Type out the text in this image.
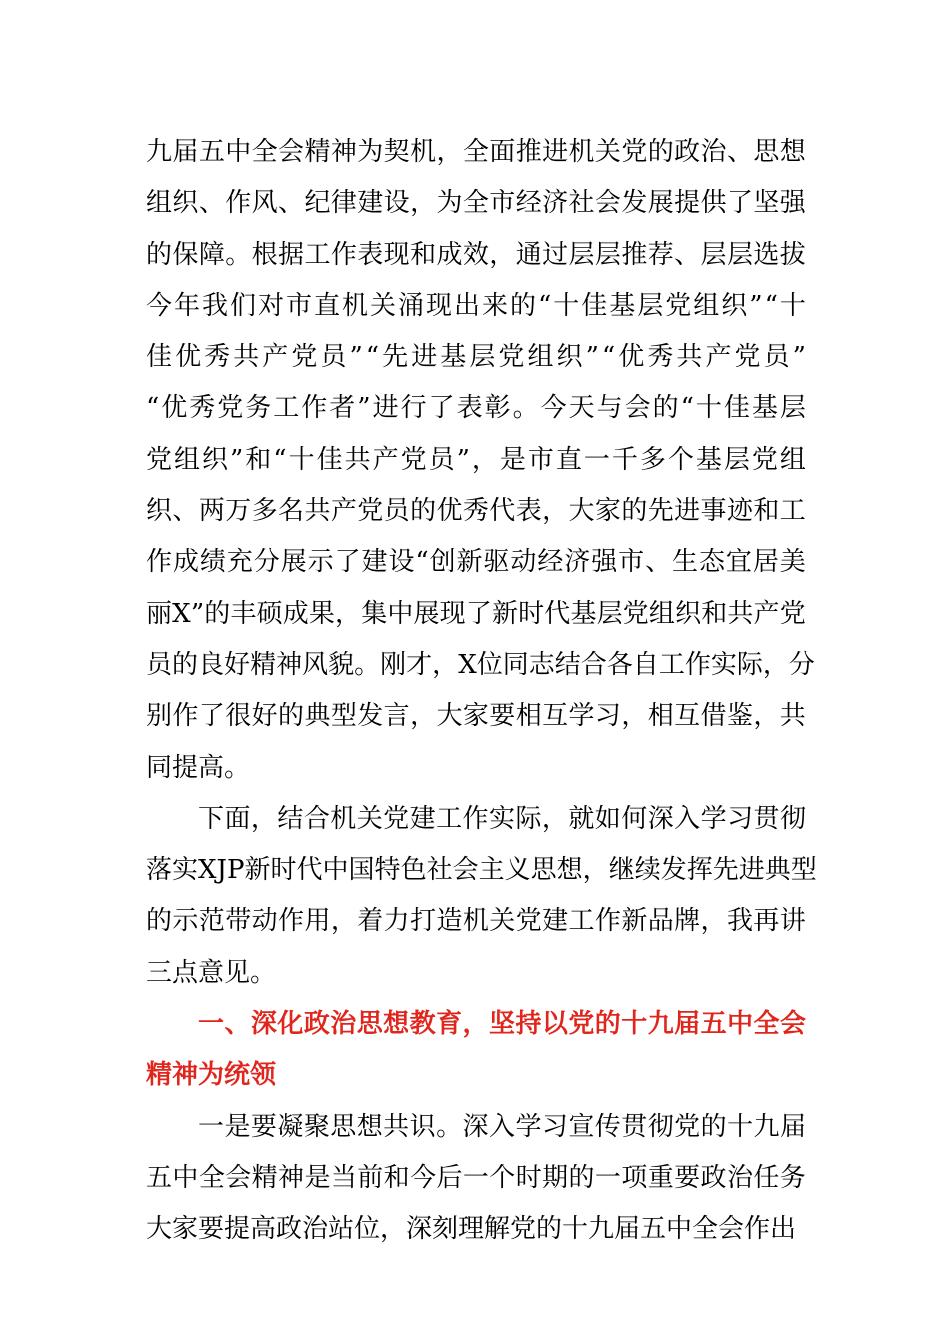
九 届 五 中 全 会 精 神 为 契 机 ， 全 面 推 进 机 关 党 的 政 治 、 思 想
组 织 、 作 风 、 纪 律 建 设 ， 为 全 市 经 济 社 会 发 展 提 供 了 坚 强
的 保 障 。 根 据 工 作 表 现 和 成 效 ， 通 过 层 层 推 荐 、 层 层 选 拔
今 年 我 们 对 市 直 机 关 涌 现 出 来 的 “ 十 佳 基 层 党 组 织 ” “ 十
佳 优 秀 共 产 党 员 ” “ 先 进 基 层 党 组 织 ” “ 优 秀 共 产 党 员 ”
“ 优 秀 党 务 工 作 者 ” 进 行 了 表 彰 。 今 天 与 会 的 “ 十 佳 基 层
党 组 织 ” 和 “ 十 佳 共 产 党 员 ” ， 是 市 直 一 千 多 个 基 层 党 组
织 、 两 万 多 名 共 产 党 员 的 优 秀 代 表 ， 大 家 的 先 进 事 迹 和 工
作 成 绩 充 分 展 示 了 建 设 “ 创 新 驱 动 经 济 强 市 、 生 态 宜 居 美
丽 X ” 的 丰 硕 成 果 ， 集 中 展 现 了 新 时 代 基 层 党 组 织 和 共 产 党
员 的 良 好 精 神 风 貌 。 刚 才 ， X 位 同 志 结 合 各 自 工 作 实 际 ， 分
别 作 了 很 好 的 典 型 发 言 ， 大 家 要 相 互 学 习 ， 相 互 借 鉴 ， 共
同提高。
下 面 ， 结 合 机 关 党 建 工 作 实 际 ， 就 如 何 深 入 学 习 贯 彻
落 实 XJP 新 时 代 中 国 特 色 社 会 主 义 思 想 ， 继 续 发 挥 先 进 典 型
的 示 范 带 动 作 用 ， 着 力 打 造 机 关 党 建 工 作 新 品 牌 ， 我 再 讲
三点意见。
一 、 深 化 政 治 思 想 教 育 ， 坚 持 以 党 的 十 九 届 五 中 全 会
精神为统领
一 是 要 凝 聚 思 想 共 识 。 深 入 学 习 宣 传 贯 彻 党 的 十 九 届
五 中 全 会 精 神 是 当 前 和 今 后 一 个 时 期 的 一 项 重 要 政 治 任 务
大家要提高政治站位，深刻理解党的十九届五中全会作出
